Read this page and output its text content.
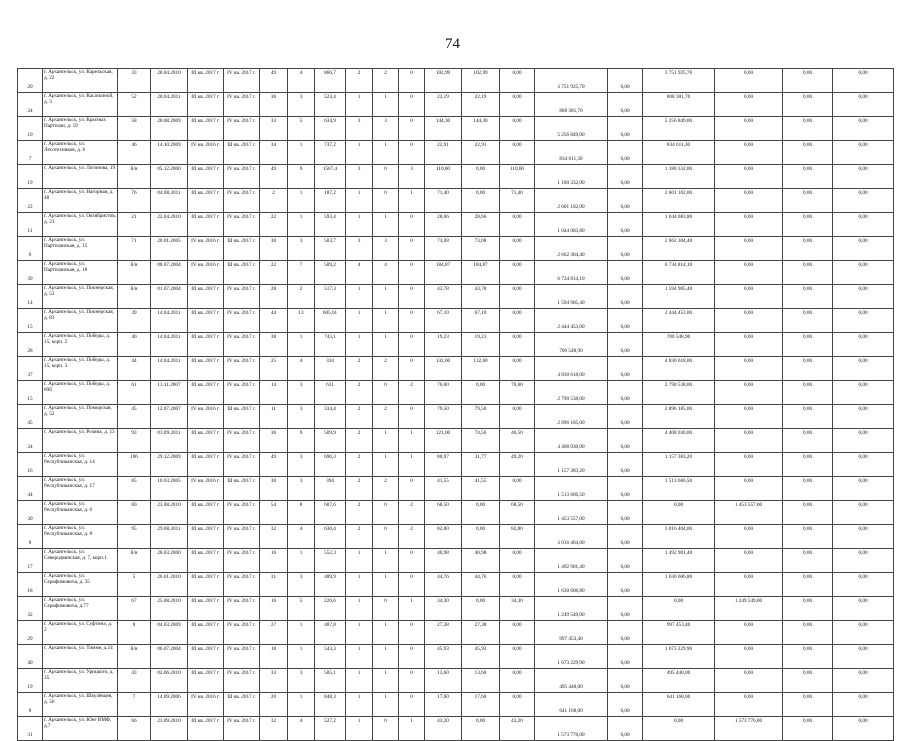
74
20	г. Архангельск, ул. Карельская, д. 22	33	28.04.2010	III кв. 2017 г.	IV кв. 2017 г.	49	4	866,7	2	2	0	102,99	102,99	0,00	3 751 925,70	0,00	3 751 925,70	0,00	0,00	0,00
34	г. Архангельск, ул. Касаткиной, д. 3	52	28.04.2011	III кв. 2017 г.	IV кв. 2017 г.	36	3	523,4	1	1	0	22,19	22,19	0,00	808 381,70	0,00	808 381,70	0,00	0,00	0,00
10	г. Архангельск, ул. Красных Партизан, д. 19	58	28.08.2009	III кв. 2017 г.	IV кв. 2017 г.	33	5	634,9	3	3	0	144,30	144,30	0,00	5 256 849,00	0,00	5 256 849,00	0,00	0,00	0,00
7	г. Архангельск, ул. Лесотехников, д. 6	46	14.10.2009	IV кв. 2016 г.	III кв. 2017 г.	34	1	737,2	1	1	0	22,91	22,91	0,00	834 611,30	0,00	834 611,30	0,00	0,00	0,00
19	г. Архангельск, ул. Логинова, 19	б/н	05.12.2000	III кв. 2017 г.	IV кв. 2017 г.	49	9	1567,4	3	0	3	110,60	0,00	110,60	1 180 332,00	0,00	1 180 332,00	0,00	0,00	0,00
22	г. Архангельск, ул. Нагорная, д. 48	76	04.08.2011	III кв. 2017 г.	IV кв. 2017 г.	2	1	187,2	1	0	1	71,40	0,00	71,40	2 601 102,00	0,00	2 601 102,00	0,00	0,00	0,00
11	г. Архангельск, ул. Октябристов, д. 21	21	22.04.2010	III кв. 2017 г.	IV кв. 2017 г.	22	1	593,4	1	1	0	28,66	28,66	0,00	1 044 083,80	0,00	1 044 083,80	0,00	0,00	0,00
6	г. Архангельск, ул. Партизанская, д. 15	71	20.01.2005	IV кв. 2016 г.	III кв. 2017 г.	30	3	503,7	3	3	0	73,08	73,08	0,00	2 662 304,40	0,00	2 662 304,40	0,00	0,00	0,00
39	г. Архангельск, ул. Партизанская, д. 18	б/н	08.07.2004	IV кв. 2016 г.	III кв. 2017 г.	22	7	509,2	4	4	0	184,87	184,87	0,00	6 734 814,10	0,00	6 734 814,10	0,00	0,00	0,00
14	г. Архангельск, ул. Пионерская, д. 53	б/н	01.07.2004	III кв. 2017 г.	IV кв. 2017 г.	28	2	517,3	1	1	0	43,78	43,78	0,00	1 594 905,40	0,00	1 594 905,40	0,00	0,00	0,00
15	г. Архангельск, ул. Пионерская, д. 83	39	14.04.2011	III кв. 2017 г.	IV кв. 2017 г.	44	13	605,61	1	1	0	67,10	67,10	0,00	2 444 453,00	0,00	2 444 453,00	0,00	0,00	0,00
28	г. Архангельск, ул. Победы, д. 15, корп. 2	40	14.04.2011	III кв. 2017 г.	IV кв. 2017 г.	38	1	743,1	1	1	0	19,23	19,23	0,00	700 548,90	0,00	700 548,90	0,00	0,00	0,00
37	г. Архангельск, ул. Победы, д. 15, корп. 3	44	14.04.2011	III кв. 2017 г.	IV кв. 2017 г.	25	4	334	2	2	0	132,60	132,60	0,00	4 830 618,00	0,00	4 830 618,00	0,00	0,00	0,00
15	г. Архангельск, ул. Победы, д. 89б	61	13.11.2007	III кв. 2017 г.	IV кв. 2017 г.	14	3	631	2	0	2	76,60	0,00	76,60	2 790 538,00	0,00	2 790 538,00	0,00	0,00	0,00
45	г. Архангельск, ул. Поморская, д. 52	45	12.07.2007	IV кв. 2016 г.	III кв. 2017 г.	11	3	334,4	2	2	0	79,50	79,50	0,00	2 896 185,00	0,00	2 896 185,00	0,00	0,00	0,00
34	г. Архангельск, ул. Розина, д. 13	93	03.09.2011	III кв. 2017 г.	IV кв. 2017 г.	36	9	509,9	2	1	1	121,00	74,56	46,50	4 408 030,00	0,00	4 408 030,00	0,00	0,00	0,00
16	г. Архангельск, ул. Республиканская, д. 14	106	29.12.2009	III кв. 2017 г.	IV кв. 2017 г.	49	3	690,3	2	1	1	80,97	31,77	49,20	1 157 383,20	0,00	1 157 383,20	0,00	0,00	0,00
44	г. Архангельск, ул. Республиканская, д. 17	85	10.03.2005	IV кв. 2016 г.	III кв. 2017 г.	30	3	394	2	2	0	41,55	41,55	0,00	1 513 666,50	0,00	1 513 666,50	0,00	0,00	0,00
30	г. Архангельск, ул. Республиканская, д. 6	60	23.08.2010	III кв. 2017 г.	IV кв. 2017 г.	54	8	607,6	2	0	2	68,50	0,00	68,50	1 453 557,00	0,00	0,00	1 453 557,00	0,00	0,00
8	г. Архангельск, ул. Республиканская, д. 8	95	29.08.2011	III кв. 2017 г.	IV кв. 2017 г.	32	4	630,4	2	0	2	82,80	0,00	82,80	3 016 404,00	0,00	3 016 404,00	0,00	0,00	0,00
17	г. Архангельск, ул. Северодвинская, д. 7, корп.1	б/н	28.03.2000	III кв. 2017 г.	IV кв. 2017 г.	16	1	552,3	1	1	0	40,98	40,98	0,00	1 492 901,40	0,00	1 492 901,40	0,00	0,00	0,00
18	г. Архангельск, ул. Серафимовича, д. 35	5	26.01.2010	III кв. 2017 г.	IV кв. 2017 г.	31	3	489,9	1	1	0	44,76	44,76	0,00	1 630 606,80	0,00	1 630 606,80	0,00	0,00	0,00
32	г. Архангельск, ул. Серафимовича, д.77	67	25.08.2010	III кв. 2017 г.	IV кв. 2017 г.	16	5	226,6	1	0	1	34,30	0,00	34,30	1 249 549,00	0,00	0,00	1 249 549,00	0,00	0,00
29	г. Архангельск, ул. Суфтина, д. 2	8	04.03.2009	III кв. 2017 г.	IV кв. 2017 г.	27	1	487,8	1	1	0	27,38	27,38	0,00	997 453,40	0,00	997 453,40	0,00	0,00	0,00
40	г. Архангельск, ул. Тимме, д.14	б/н	06.07.2004	III кв. 2017 г.	IV кв. 2017 г.	18	1	543,3	1	1	0	45,93	45,93	0,00	1 673 229,90	0,00	1 673 229,90	0,00	0,00	0,00
19	г. Архангельск, ул. Урицкого, д. 35	43	02.06.2010	III кв. 2017 г.	IV кв. 2017 г.	33	3	505,1	1	1	0	13,60	13,60	0,00	495 448,00	0,00	495 448,00	0,00	0,00	0,00
8	г. Архангельск, ул. Шкулёвцев, д. 56	7	14.09.2006	IV кв. 2016 г.	III кв. 2017 г.	20	1	848,3	1	1	0	17,60	17,60	0,00	641 168,00	0,00	641 168,00	0,00	0,00	0,00
31	г. Архангельск, ул. Юнг ВМФ, д.7	66	23.09.2010	III кв. 2017 г.	IV кв. 2017 г.	32	4	527,2	1	0	1	43,20	0,00	43,20	1 573 776,00	0,00	0,00	1 573 776,00	0,00	0,00
